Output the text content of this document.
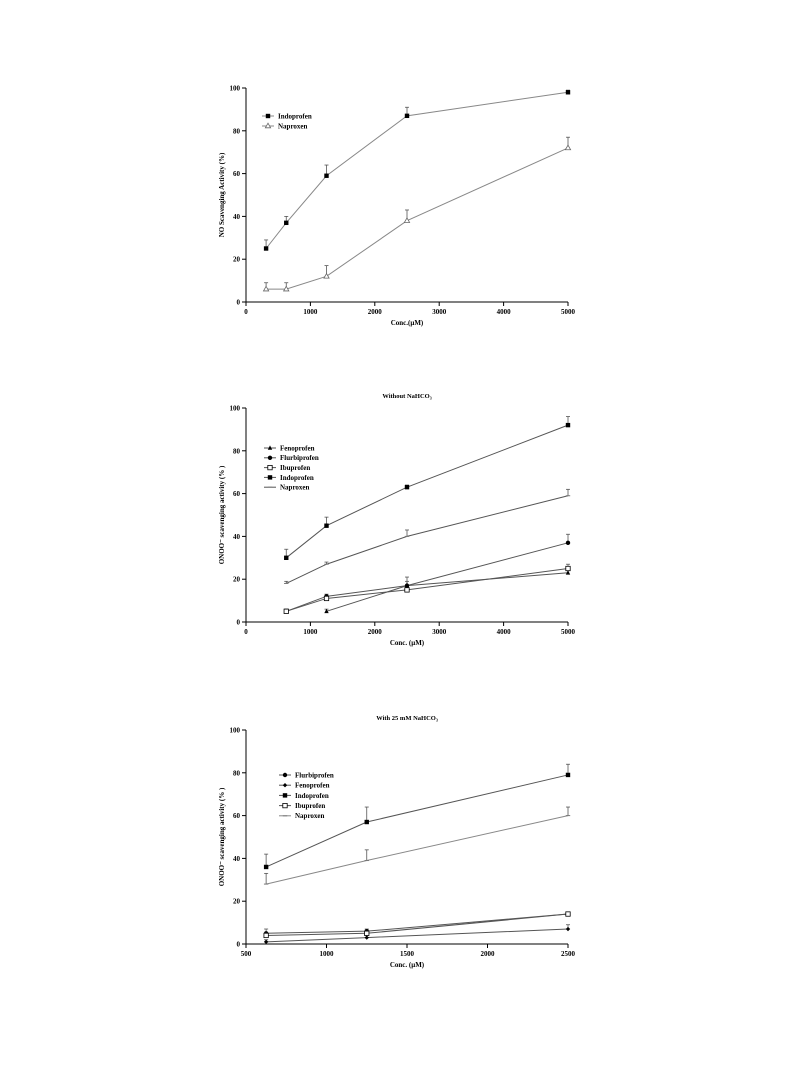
0
20
40
60
80
100
0	1000	2000	3000	4000	5000
Conc.(μM)
NO Scavenging Activity (%)
Indoprofen
Naproxen
0
20
40
60
80
100
0	1000	2000	3000	4000	5000
Conc. (μM)
ONOO⁻ scavenging activity (% )
Without NaHCO₃
Fenoprofen
Flurbiprofen
Ibuprofen
Indoprofen
Naproxen
0
20
40
60
80
100
500	1000	1500	2000	2500
Conc. (μM)
ONOO⁻ scavenging activity (% )
With 25 mM NaHCO₃
Flurbiprofen
Fenoprofen
Indoprofen
Ibuprofen
Naproxen
